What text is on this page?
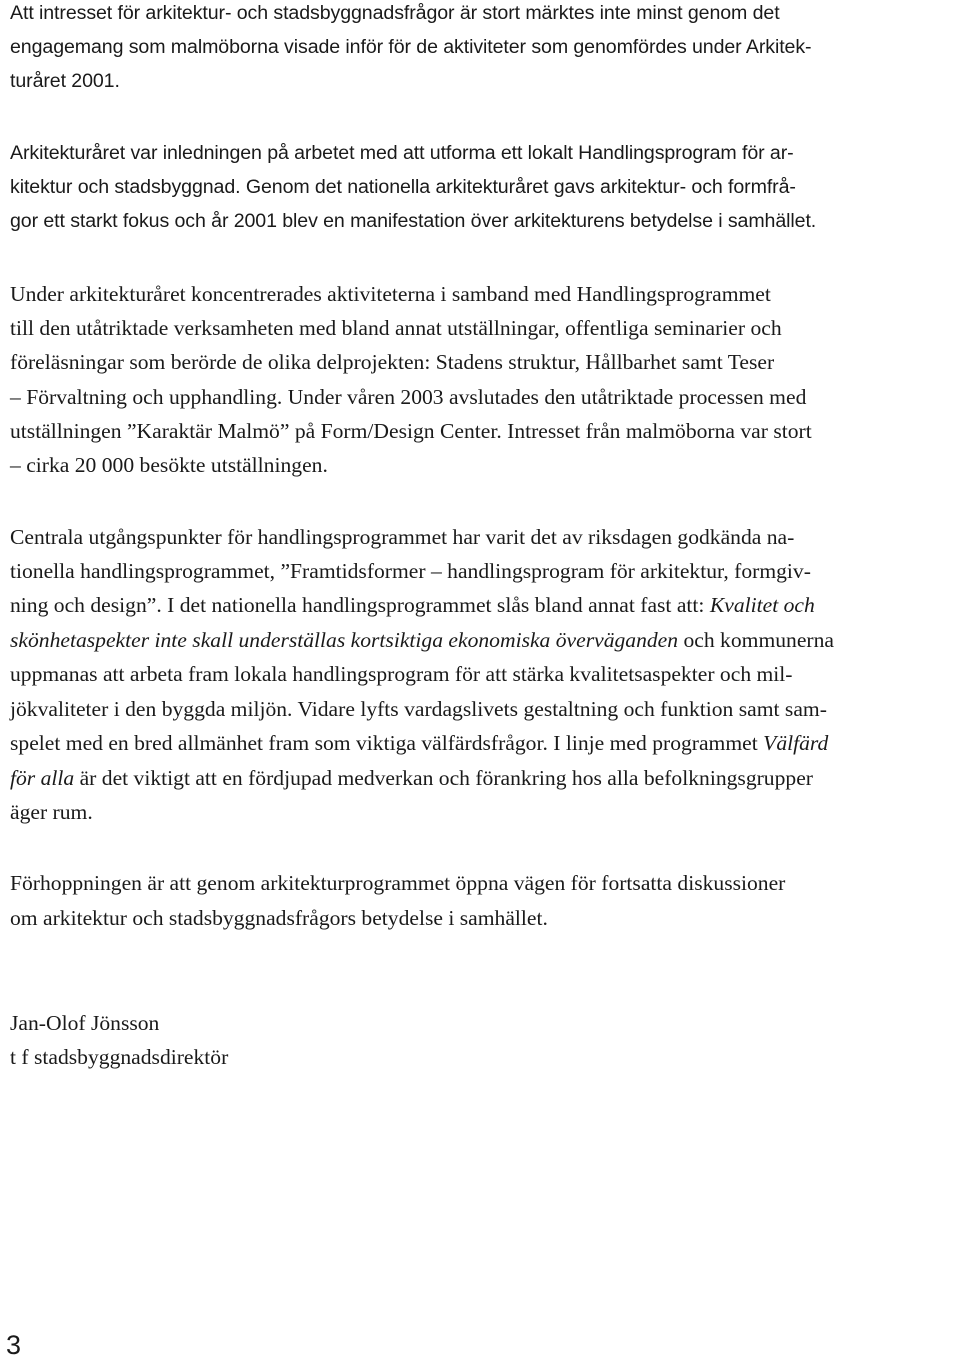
Att intresset för arkitektur- och stadsbyggnadsfrågor är stort märktes inte minst genom det
engagemang som malmöborna visade inför för de aktiviteter som genomfördes under Arkitek-
turåret 2001.
Arkitekturåret var inledningen på arbetet med att utforma ett lokalt Handlingsprogram för ar-
kitektur och stadsbyggnad. Genom det nationella arkitekturåret gavs arkitektur- och formfrå-
gor ett starkt fokus och år 2001 blev en manifestation över arkitekturens betydelse i samhället.
Under arkitekturåret koncentrerades aktiviteterna i samband med Handlingsprogrammet
till den utåtriktade verksamheten med bland annat utställningar, offentliga seminarier och
föreläsningar som berörde de olika delprojekten: Stadens struktur, Hållbarhet samt Teser
– Förvaltning och upphandling. Under våren 2003 avslutades den utåtriktade processen med
utställningen ”Karaktär Malmö” på Form/Design Center. Intresset från malmöborna var stort
– cirka 20 000 besökte utställningen.
Centrala utgångspunkter för handlingsprogrammet har varit det av riksdagen godkända na-
tionella handlingsprogrammet, ”Framtidsformer – handlingsprogram för arkitektur, formgiv-
ning och design”. I det nationella handlingsprogrammet slås bland annat fast att: Kvalitet och
skönhetaspekter inte skall underställas kortsiktiga ekonomiska överväganden och kommunerna
uppmanas att arbeta fram lokala handlingsprogram för att stärka kvalitetsaspekter och mil-
jökvaliteter i den byggda miljön. Vidare lyfts vardagslivets gestaltning och funktion samt sam-
spelet med en bred allmänhet fram som viktiga välfärdsfrågor. I linje med programmet Välfärd
för alla är det viktigt att en fördjupad medverkan och förankring hos alla befolkningsgrupper
äger rum.
Förhoppningen är att genom arkitekturprogrammet öppna vägen för fortsatta diskussioner
om arkitektur och stadsbyggnadsfrågors betydelse i samhället.
Jan-Olof Jönsson
t f stadsbyggnadsdirektör
3
